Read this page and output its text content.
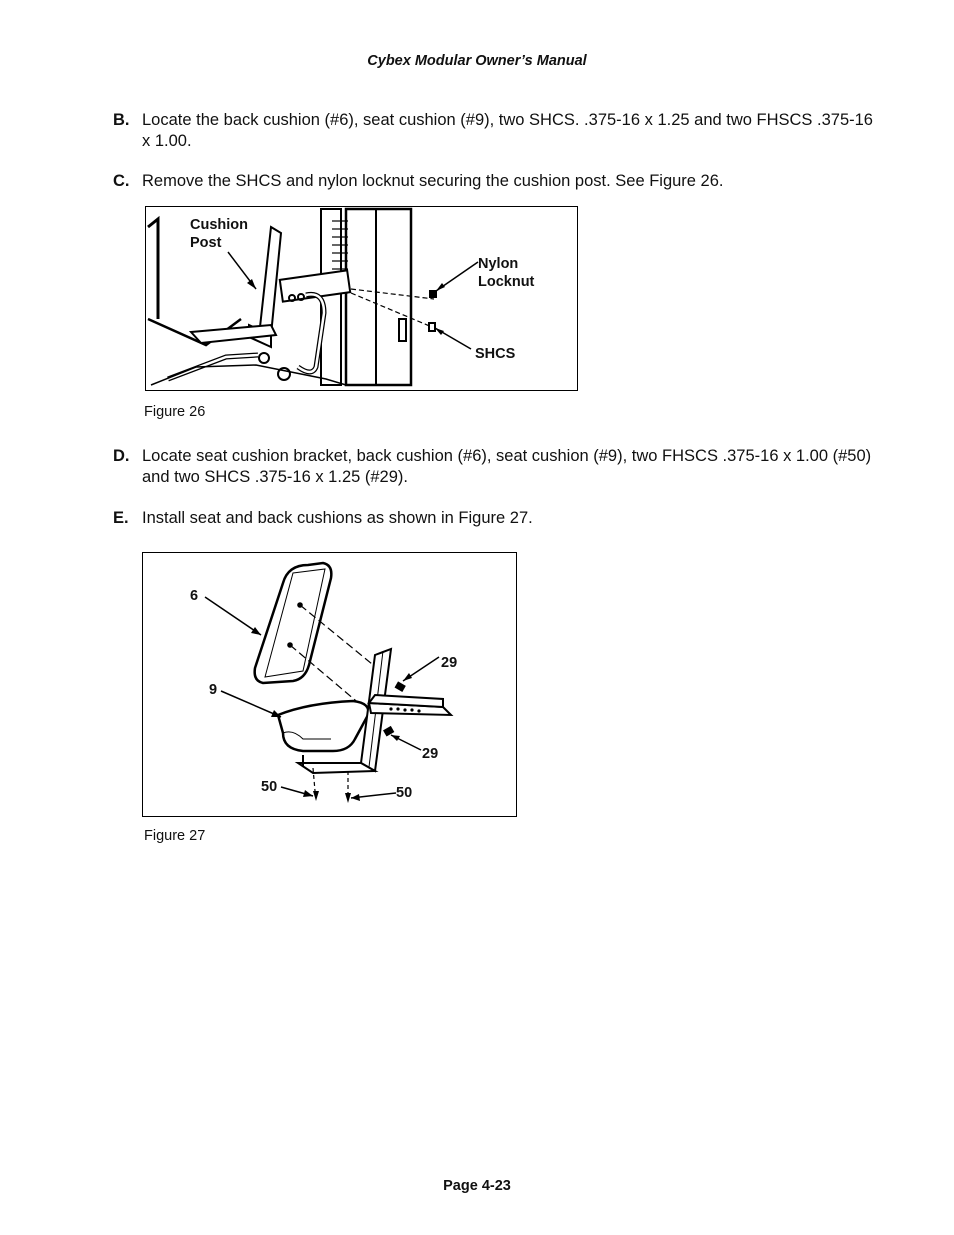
Cybex Modular Owner’s Manual
B. Locate the back cushion (#6), seat cushion (#9), two SHCS. .375-16 x 1.25 and two FHSCS .375-16 x 1.00.
C. Remove the SHCS and nylon locknut securing the cushion post. See Figure 26.
Cushion
Post
Nylon
Locknut
SHCS
Figure 26
D. Locate seat cushion bracket, back cushion (#6), seat cushion (#9), two FHSCS .375-16 x 1.00 (#50) and two SHCS .375-16 x 1.25 (#29).
E. Install seat and back cushions as shown in Figure 27.
6
9
29
29
50	50
Figure 27
Page 4-23
